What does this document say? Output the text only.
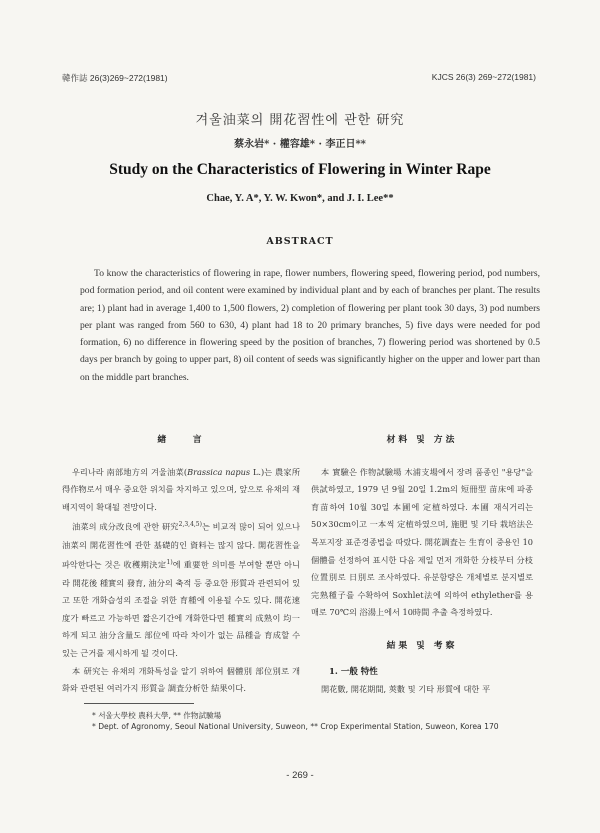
韓作誌 26(3)269~272(1981)	KJCS 26(3) 269~272(1981)
겨울油菜의 開花習性에 관한 研究
蔡永岩* · 權容雄* · 李正日**
Study on the Characteristics of Flowering in Winter Rape
Chae, Y. A*, Y. W. Kwon*, and J. I. Lee**
ABSTRACT
To know the characteristics of flowering in rape, flower numbers, flowering speed, flowering period, pod numbers, pod formation period, and oil content were examined by individual plant and by each of branches per plant. The results are; 1) plant had in average 1,400 to 1,500 flowers, 2) completion of flowering per plant took 30 days, 3) pod numbers per plant was ranged from 560 to 630, 4) plant had 18 to 20 primary branches, 5) five days were needed for pod formation, 6) no difference in flowering speed by the position of branches, 7) flowering period was shortened by 0.5 days per branch by going to upper part, 8) oil content of seeds was significantly higher on the upper and lower part than on the middle part branches.
緖　　言

우리나라 南部地方의 겨울油菜(Brassica napus L.)는 農家所得作物로서 매우 중요한 위치를 차지하고 있으며, 앞으로 유채의 재배지역이 확대될 전망이다.

油菜의 成分改良에 관한 研究$^{2,3,4,5)}$는 비교적 많이 되어 있으나 油菜의 開花習性에 관한 基礎的인 資料는 많지 않다. 開花習性을 파악한다는 것은 收穫期決定$^{1)}$에 重要한 의미를 부여할 뿐만 아니라 開花後 種實의 發育, 油分의 축적 등 중요한 形質과 관련되어 있고 또한 개화습성의 조절을 위한 育種에 이용될 수도 있다. 開花速度가 빠르고 가능하면 짧은기간에 개화한다면 種實의 成熟이 均一하게 되고 油分含量도 部位에 따라 차이가 없는 品種을 育成할 수 있는 근거를 제시하게 될 것이다.

本 研究는 유채의 개화특성을 알기 위하여 個體別 部位別로 개화와 관련된 여러가지 形質을 調査分析한 結果이다.

材料 및 方法

本 實驗은 作物試驗場 木浦支場에서 장려 품종인 "용당"을 供試하였고, 1979 년 9월 20일 1.2m의 短冊型 苗床에 파종 育苗하여 10월 30일 本圃에 定植하였다. 本圃 재식거리는 50×30cm이고 一本씩 定植하였으며, 施肥 및 기타 栽培法은 목포지장 표준경종법을 따랐다. 開花調査는 生育이 중용인 10 個體를 선정하여 표시한 다음 제일 먼저 개화한 分枝부터 分枝 位置別로 日別로 조사하였다. 유분함량은 개체별로 분지별로 完熟種子를 수확하여 Soxhlet法에 의하여 ethylether를 용매로 70℃의 浴湯上에서 10時間 추출 측정하였다.

結果 및 考察
1. 一般 特性

開花數, 開花期間, 莢數 및 기타 形質에 대한 平

* 서울大學校 農科大學, ** 作物試驗場
* Dept. of Agronomy, Seoul National University, Suweon, ** Crop Experimental Station, Suweon, Korea 170
- 269 -
